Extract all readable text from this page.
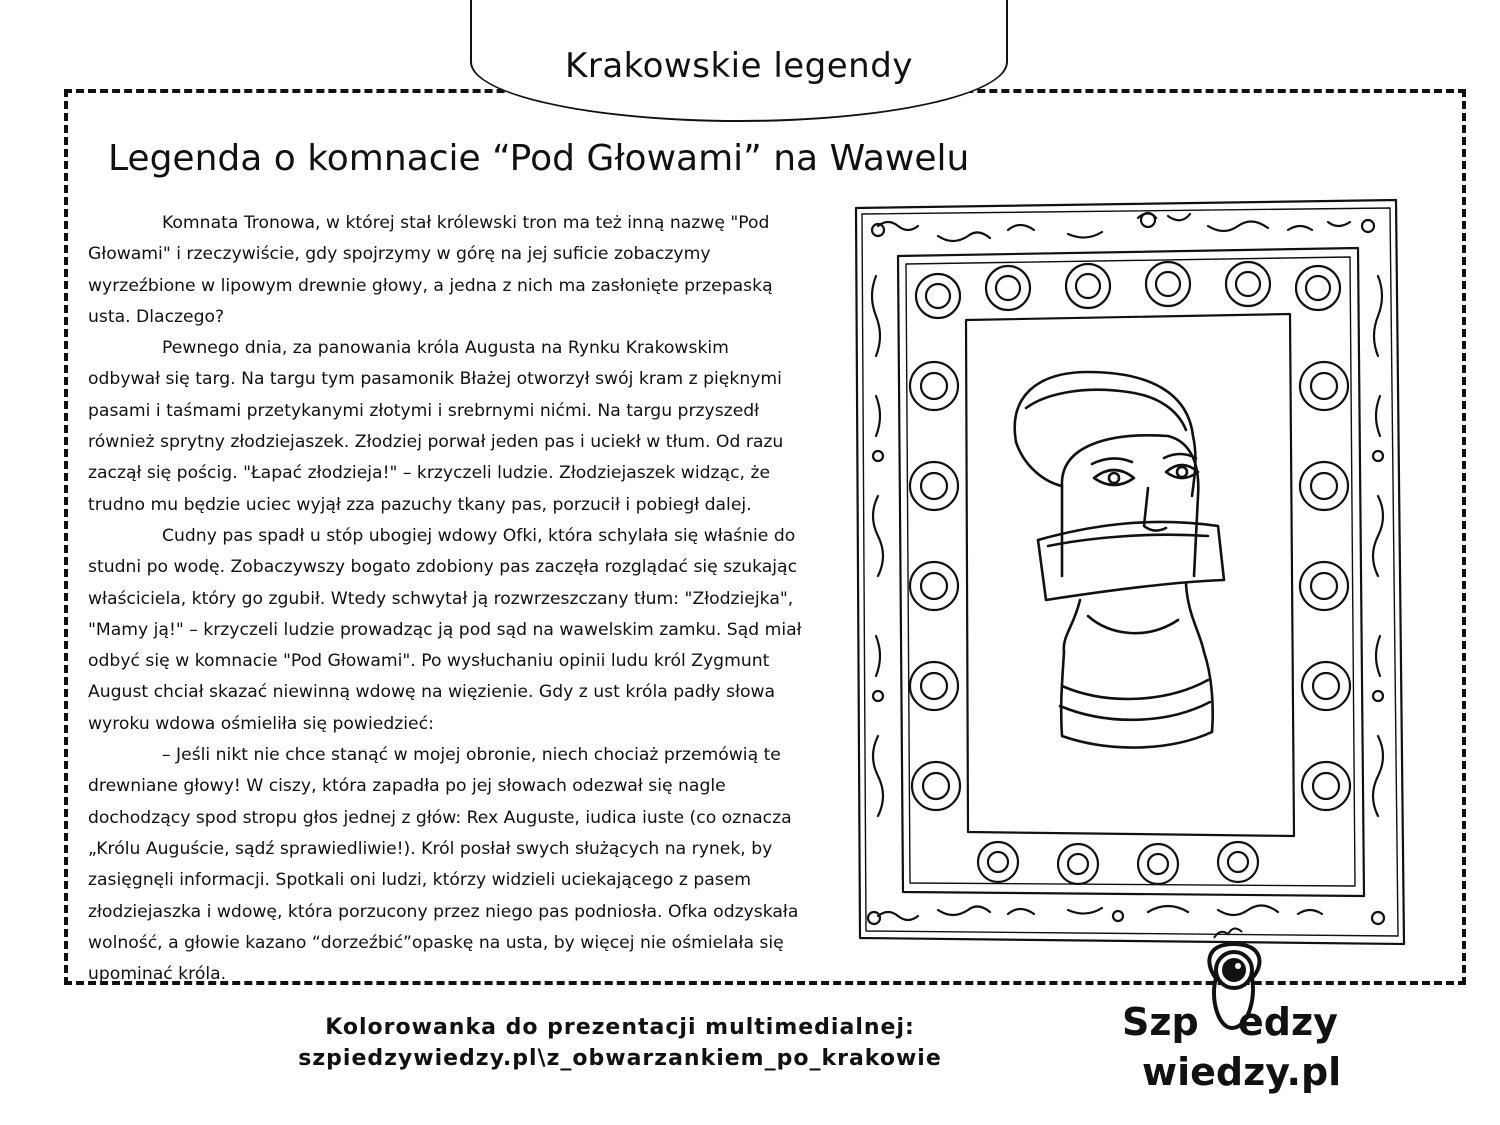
Krakowskie legendy
Legenda o komnacie “Pod Głowami” na Wawelu

Komnata Tronowa, w której stał królewski tron ma też inną nazwę "Pod Głowami" i rzeczywiście, gdy spojrzymy w górę na jej suficie zobaczymy wyrzeźbione w lipowym drewnie głowy, a jedna z nich ma zasłonięte przepaską usta. Dlaczego?

Pewnego dnia, za panowania króla Augusta na Rynku Krakowskim odbywał się targ. Na targu tym pasamonik Błażej otworzył swój kram z pięknymi pasami i taśmami przetykanymi złotymi i srebrnymi nićmi. Na targu przyszedł również sprytny złodziejaszek. Złodziej porwał jeden pas i uciekł w tłum. Od razu zaczął się pościg. "Łapać złodzieja!" – krzyczeli ludzie. Złodziejaszek widząc, że trudno mu będzie uciec wyjął zza pazuchy tkany pas, porzucił i pobiegł dalej.

Cudny pas spadł u stóp ubogiej wdowy Ofki, która schylała się właśnie do studni po wodę. Zobaczywszy bogato zdobiony pas zaczęła rozglądać się szukając właściciela, który go zgubił. Wtedy schwytał ją rozwrzeszczany tłum: "Złodziejka", "Mamy ją!" – krzyczeli ludzie prowadząc ją pod sąd na wawelskim zamku. Sąd miał odbyć się w komnacie "Pod Głowami". Po wysłuchaniu opinii ludu król Zygmunt August chciał skazać niewinną wdowę na więzienie. Gdy z ust króla padły słowa wyroku wdowa ośmieliła się powiedzieć:

– Jeśli nikt nie chce stanąć w mojej obronie, niech chociaż przemówią te drewniane głowy! W ciszy, która zapadła po jej słowach odezwał się nagle dochodzący spod stropu głos jednej z głów: Rex Auguste, iudica iuste (co oznacza „Królu Auguście, sądź sprawiedliwie!). Król posłał swych służących na rynek, by zasięgnęli informacji. Spotkali oni ludzi, którzy widzieli uciekającego z pasem złodziejaszka i wdowę, która porzucony przez niego pas podniosła. Ofka odzyskała wolność, a głowie kazano “dorzeźbić”opaskę na usta, by więcej nie ośmielała się upominać króla.

Kolorowanka do prezentacji multimedialnej:
szpiedzywiedzy.pl\z_obwarzankiem_po_krakowie
Szp edzy
wiedzy.pl
